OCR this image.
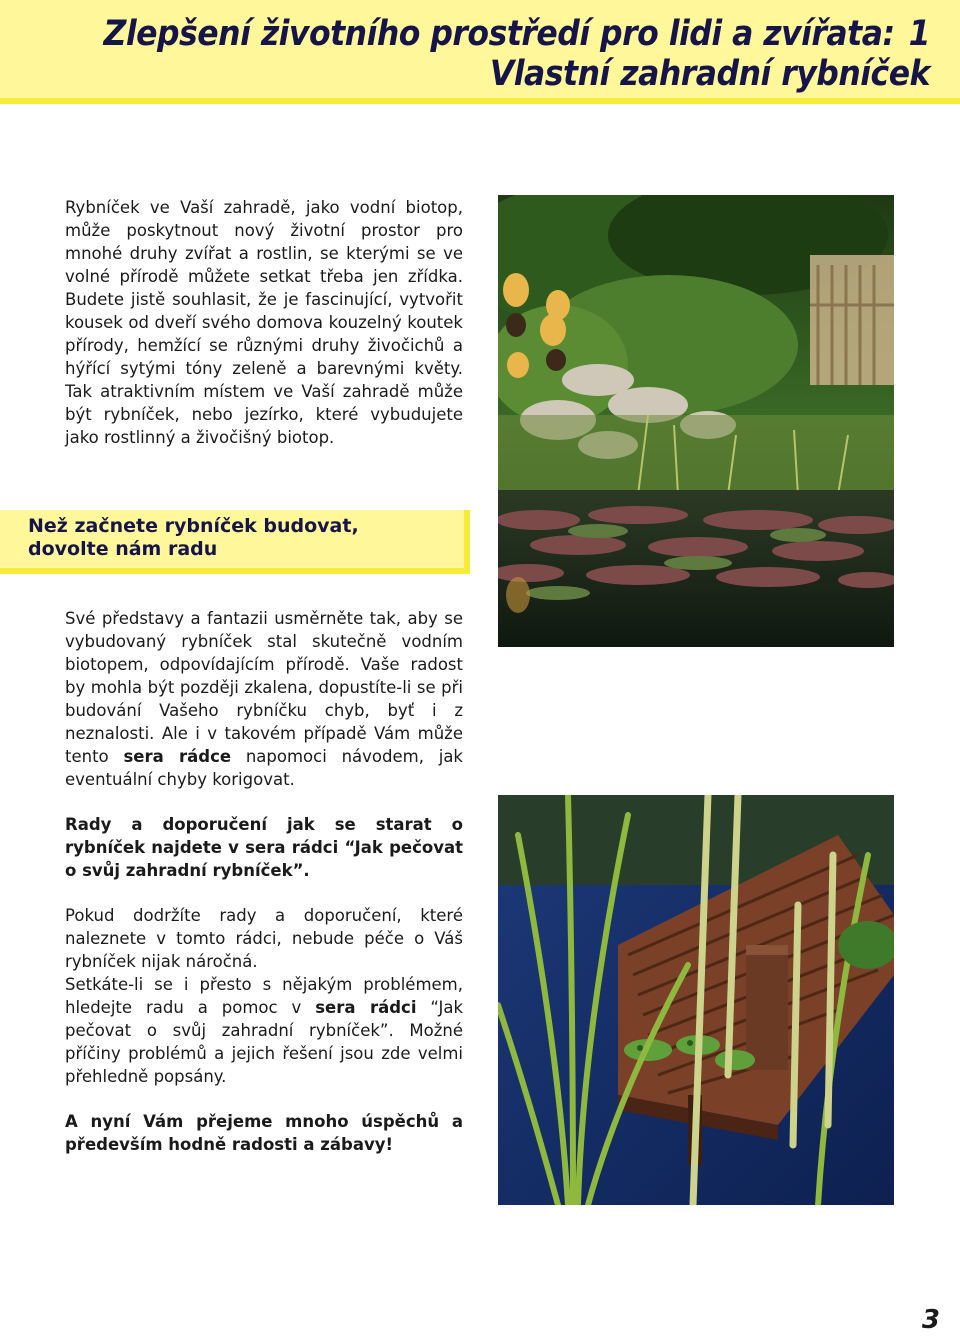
Zlepšení životního prostředí pro lidi a zvířata: 1
Vlastní zahradní rybníček

Rybníček ve Vaší zahradě, jako vodní biotop, může poskytnout nový životní prostor pro mnohé druhy zvířat a rostlin, se kterými se ve volné přírodě můžete setkat třeba jen zřídka. Budete jistě souhlasit, že je fascinující, vytvořit kousek od dveří svého domova kouzelný koutek přírody, hemžící se různými druhy živočichů a hýřící sytými tóny zeleně a barevnými květy. Tak atraktivním místem ve Vaší zahradě může být rybníček, nebo jezírko, které vybudujete jako rostlinný a živočišný biotop.

Než začnete rybníček budovat,
dovolte nám radu

Své představy a fantazii usměrněte tak, aby se vybudovaný rybníček stal skutečně vodním biotopem, odpovídajícím přírodě. Vaše radost by mohla být později zkalena, dopustíte-li se při budování Vašeho rybníčku chyb, byť i z neznalosti. Ale i v takovém případě Vám může tento sera rádce napomoci návodem, jak eventuální chyby korigovat.

Rady a doporučení jak se starat o rybníček najdete v sera rádci “Jak pečovat o svůj zahradní rybníček”.

Pokud dodržíte rady a doporučení, které naleznete v tomto rádci, nebude péče o Váš rybníček nijak náročná.
Setkáte-li se i přesto s nějakým problémem, hledejte radu a pomoc v sera rádci “Jak pečovat o svůj zahradní rybníček”. Možné příčiny problémů a jejich řešení jsou zde velmi přehledně popsány.

A nyní Vám přejeme mnoho úspěchů a především hodně radosti a zábavy!

3
